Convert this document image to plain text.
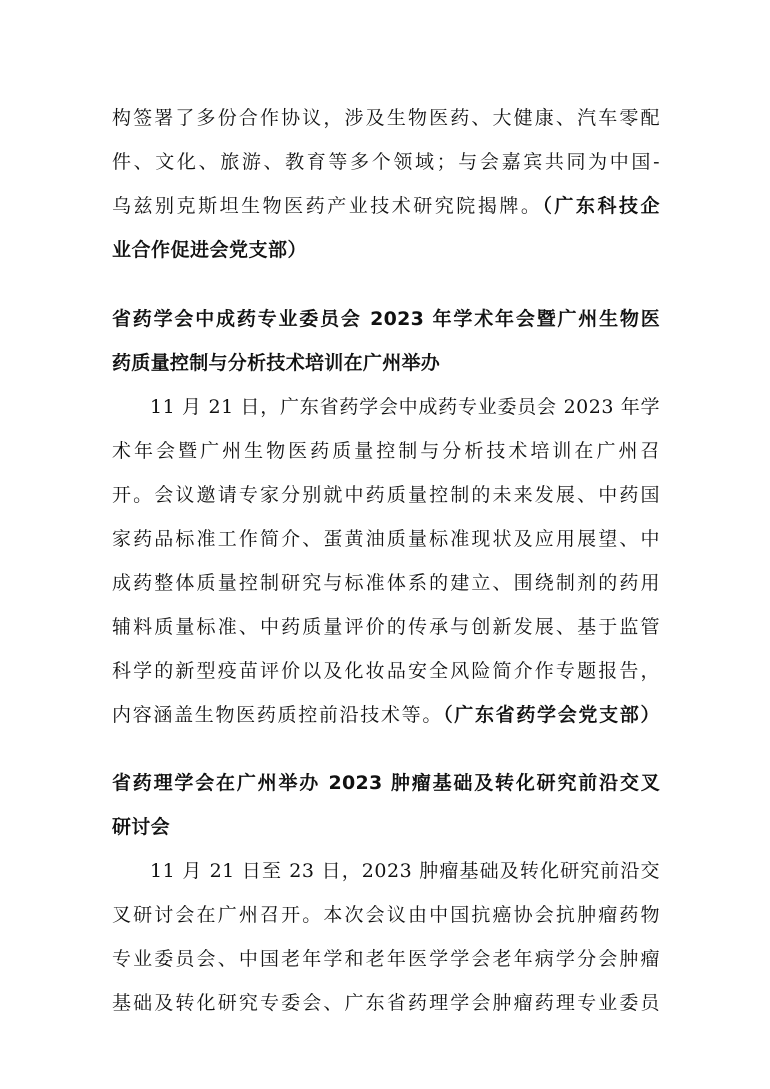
构签署了多份合作协议，涉及生物医药、大健康、汽车零配
件、文化、旅游、教育等多个领域；与会嘉宾共同为中国-
乌兹别克斯坦生物医药产业技术研究院揭牌。（广东科技企
业合作促进会党支部）
省药学会中成药专业委员会 2023 年学术年会暨广州生物医
药质量控制与分析技术培训在广州举办
11 月 21 日，广东省药学会中成药专业委员会 2023 年学
术年会暨广州生物医药质量控制与分析技术培训在广州召
开。会议邀请专家分别就中药质量控制的未来发展、中药国
家药品标准工作简介、蛋黄油质量标准现状及应用展望、中
成药整体质量控制研究与标准体系的建立、围绕制剂的药用
辅料质量标准、中药质量评价的传承与创新发展、基于监管
科学的新型疫苗评价以及化妆品安全风险简介作专题报告，
内容涵盖生物医药质控前沿技术等。（广东省药学会党支部）
省药理学会在广州举办 2023 肿瘤基础及转化研究前沿交叉
研讨会
11 月 21 日至 23 日，2023 肿瘤基础及转化研究前沿交
叉研讨会在广州召开。本次会议由中国抗癌协会抗肿瘤药物
专业委员会、中国老年学和老年医学学会老年病学分会肿瘤
基础及转化研究专委会、广东省药理学会肿瘤药理专业委员
